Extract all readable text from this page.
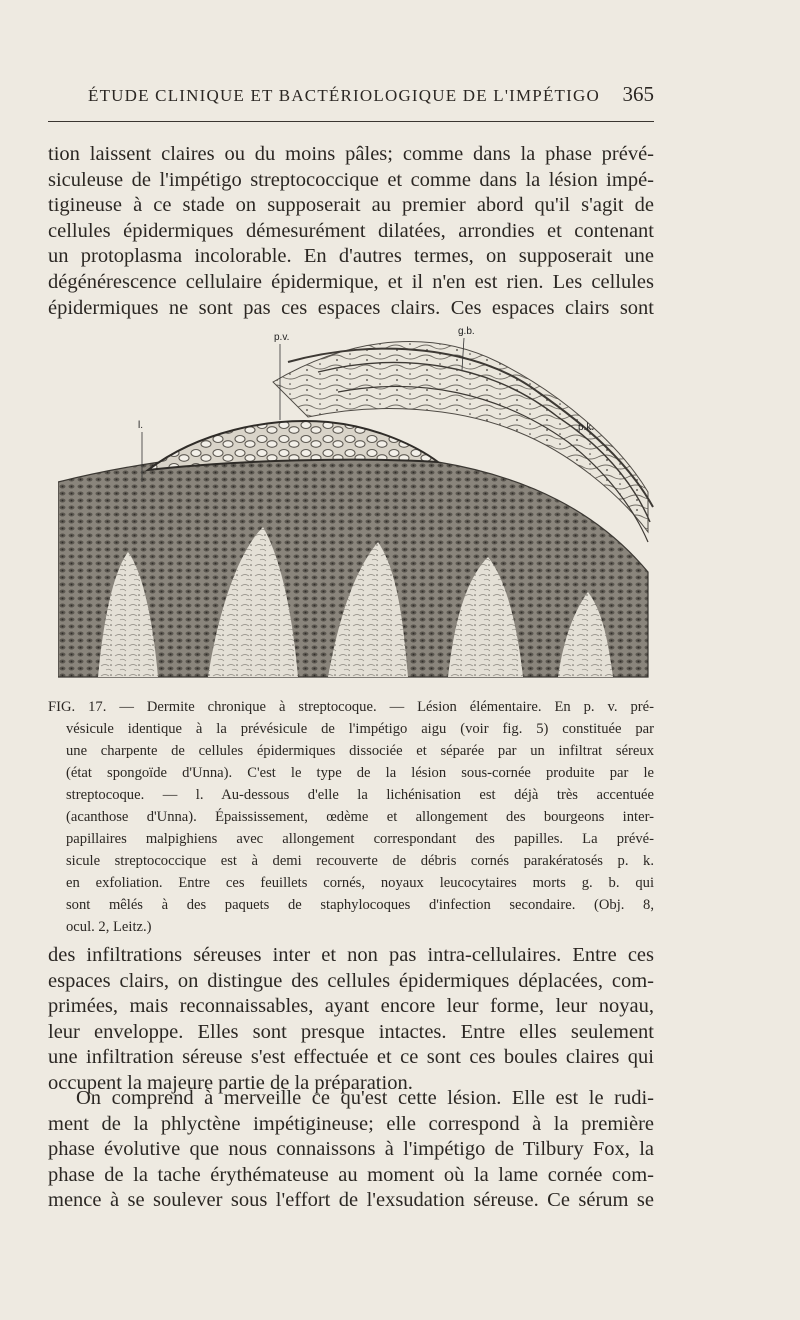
ÉTUDE CLINIQUE ET BACTÉRIOLOGIQUE DE L'IMPÉTIGO 365
tion laissent claires ou du moins pâles; comme dans la phase prévé-
siculeuse de l'impétigo streptococcique et comme dans la lésion impé-
tigineuse à ce stade on supposerait au premier abord qu'il s'agit de
cellules épidermiques démesurément dilatées, arrondies et contenant
un protoplasma incolorable. En d'autres termes, on supposerait une
dégénérescence cellulaire épidermique, et il n'en est rien. Les cellules
épidermiques ne sont pas ces espaces clairs. Ces espaces clairs sont
p.v.
g.b.
p.k.
l.
FIG. 17. — Dermite chronique à streptocoque. — Lésion élémentaire. En p. v. pré-
vésicule identique à la prévésicule de l'impétigo aigu (voir fig. 5) constituée par
une charpente de cellules épidermiques dissociée et séparée par un infiltrat séreux
(état spongoïde d'Unna). C'est le type de la lésion sous-cornée produite par le
streptocoque. — l. Au-dessous d'elle la lichénisation est déjà très accentuée
(acanthose d'Unna). Épaississement, œdème et allongement des bourgeons inter-
papillaires malpighiens avec allongement correspondant des papilles. La prévé-
sicule streptococcique est à demi recouverte de débris cornés parakératosés p. k.
en exfoliation. Entre ces feuillets cornés, noyaux leucocytaires morts g. b. qui
sont mêlés à des paquets de staphylocoques d'infection secondaire. (Obj. 8,
ocul. 2, Leitz.)
des infiltrations séreuses inter et non pas intra-cellulaires. Entre ces
espaces clairs, on distingue des cellules épidermiques déplacées, com-
primées, mais reconnaissables, ayant encore leur forme, leur noyau,
leur enveloppe. Elles sont presque intactes. Entre elles seulement
une infiltration séreuse s'est effectuée et ce sont ces boules claires qui
occupent la majeure partie de la préparation.
On comprend à merveille ce qu'est cette lésion. Elle est le rudi-
ment de la phlyctène impétigineuse; elle correspond à la première
phase évolutive que nous connaissons à l'impétigo de Tilbury Fox, la
phase de la tache érythémateuse au moment où la lame cornée com-
mence à se soulever sous l'effort de l'exsudation séreuse. Ce sérum se
